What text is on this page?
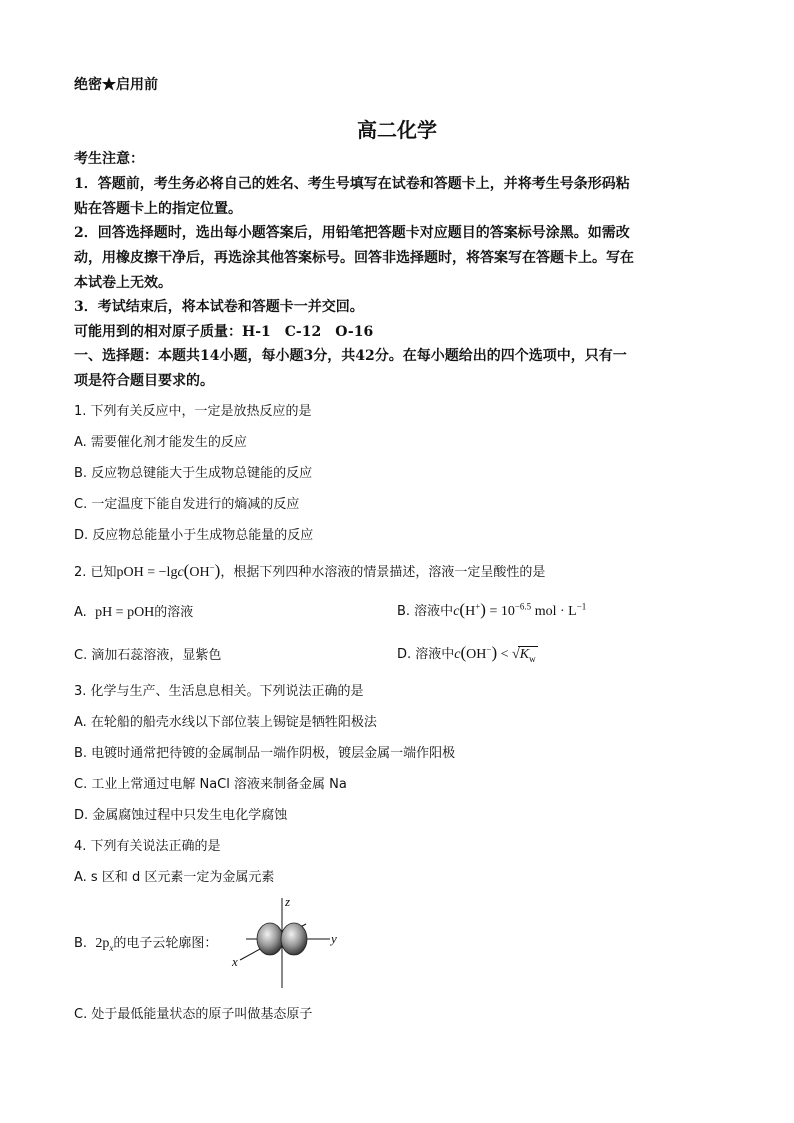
绝密★启用前
高二化学
考生注意：
1．答题前，考生务必将自己的姓名、考生号填写在试卷和答题卡上，并将考生号条形码粘
贴在答题卡上的指定位置。
2．回答选择题时，选出每小题答案后，用铅笔把答题卡对应题目的答案标号涂黑。如需改
动，用橡皮擦干净后，再选涂其他答案标号。回答非选择题时，将答案写在答题卡上。写在
本试卷上无效。
3．考试结束后，将本试卷和答题卡一并交回。
可能用到的相对原子质量：H-1　C-12　O-16
一、选择题：本题共14小题，每小题3分，共42分。在每小题给出的四个选项中，只有一
项是符合题目要求的。
1. 下列有关反应中，一定是放热反应的是
A. 需要催化剂才能发生的反应
B. 反应物总键能大于生成物总键能的反应
C. 一定温度下能自发进行的熵减的反应
D. 反应物总能量小于生成物总能量的反应
2. 已知pOH = −lgc(OH−)，根据下列四种水溶液的情景描述，溶液一定呈酸性的是
A. pH = pOH的溶液	B. 溶液中$c(H^+) = 10^{-6.5}$ mol · $L^{-1}$
C. 滴加石蕊溶液，显紫色	D. 溶液中$c(OH^-) < √K_w$
3. 化学与生产、生活息息相关。下列说法正确的是
A. 在轮船的船壳水线以下部位装上锡锭是牺牲阳极法
B. 电镀时通常把待镀的金属制品一端作阴极，镀层金属一端作阳极
C. 工业上常通过电解 NaCl 溶液来制备金属 Na
D. 金属腐蚀过程中只发生电化学腐蚀
4. 下列有关说法正确的是
A. s 区和 d 区元素一定为金属元素
B. $2p_x$的电子云轮廓图：
z
y
x
C. 处于最低能量状态的原子叫做基态原子
